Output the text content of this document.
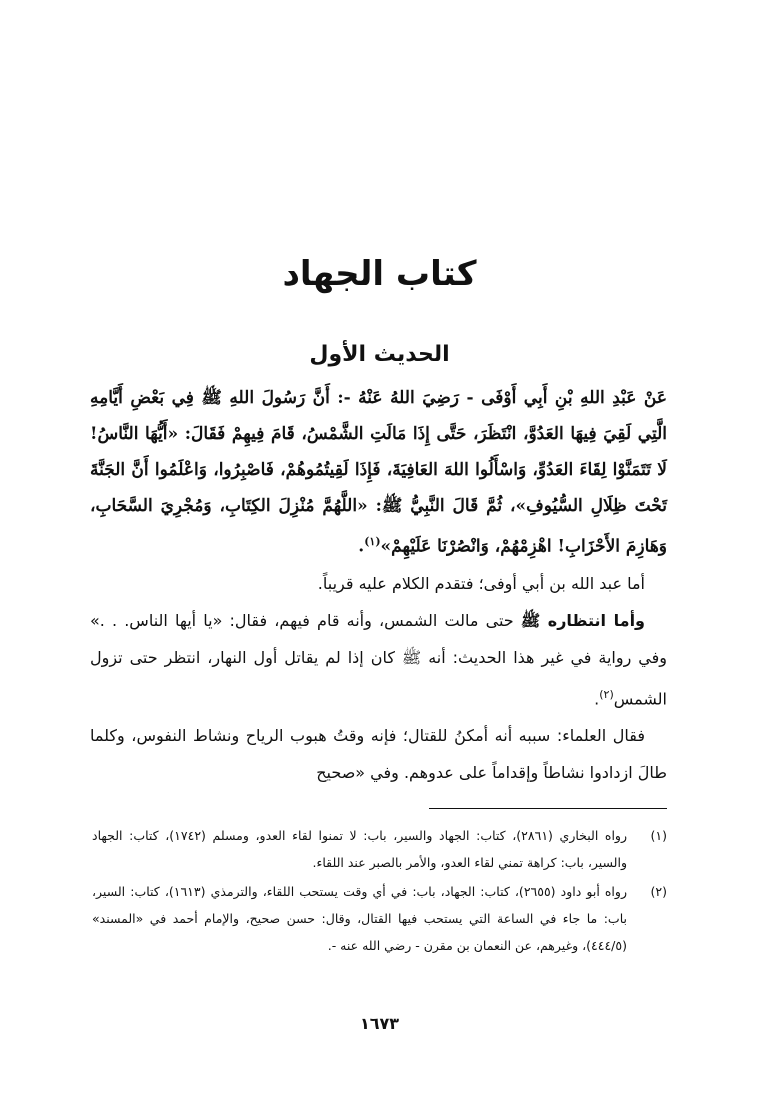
كتاب الجهاد
الحديث الأول

عَنْ عَبْدِ اللهِ بْنِ أَبِي أَوْفَى - رَضِيَ اللهُ عَنْهُ -: أَنَّ رَسُولَ اللهِ ﷺ فِي بَعْضِ أَيَّامِهِ الَّتِي لَقِيَ فِيهَا العَدُوَّ، انْتَظَرَ، حَتَّى إِذَا مَالَتِ الشَّمْسُ، قَامَ فِيهِمْ فَقَالَ: «أَيُّهَا النَّاسُ! لَا تَتَمَنَّوْا لِقَاءَ العَدُوِّ، وَاسْأَلُوا اللهَ العَافِيَةَ، فَإِذَا لَقِيتُمُوهُمْ، فَاصْبِرُوا، وَاعْلَمُوا أَنَّ الجَنَّةَ تَحْتَ ظِلَالِ السُّيُوفِ»، ثُمَّ قَالَ النَّبِيُّ ﷺ: «اللَّهُمَّ مُنْزِلَ الكِتَابِ، وَمُجْرِيَ السَّحَابِ، وَهَازِمَ الأَحْزَابِ! اهْزِمْهُمْ، وَانْصُرْنَا عَلَيْهِمْ»$^{(١)}$.

أما عبد الله بن أبي أوفى؛ فتقدم الكلام عليه قريباً.

وأما انتظاره ﷺ حتى مالت الشمس، وأنه قام فيهم، فقال: «يا أيها الناس. . .» وفي رواية في غير هذا الحديث: أنه ﷺ كان إذا لم يقاتل أول النهار، انتظر حتى تزول الشمس$^{(٢)}$.

فقال العلماء: سببه أنه أمكنُ للقتال؛ فإنه وقتُ هبوب الرياح ونشاط النفوس، وكلما طالَ ازدادوا نشاطاً وإقداماً على عدوهم. وفي «صحيح

(١)
رواه البخاري (٢٨٦١)، كتاب: الجهاد والسير، باب: لا تمنوا لقاء العدو، ومسلم (١٧٤٢)، كتاب: الجهاد والسير، باب: كراهة تمني لقاء العدو، والأمر بالصبر عند اللقاء.
(٢)
رواه أبو داود (٢٦٥٥)، كتاب: الجهاد، باب: في أي وقت يستحب اللقاء، والترمذي (١٦١٣)، كتاب: السير، باب: ما جاء في الساعة التي يستحب فيها القتال، وقال: حسن صحيح، والإمام أحمد في «المسند» (٤٤٤/٥)، وغيرهم، عن النعمان بن مقرن - رضي الله عنه -.
١٦٧٣
